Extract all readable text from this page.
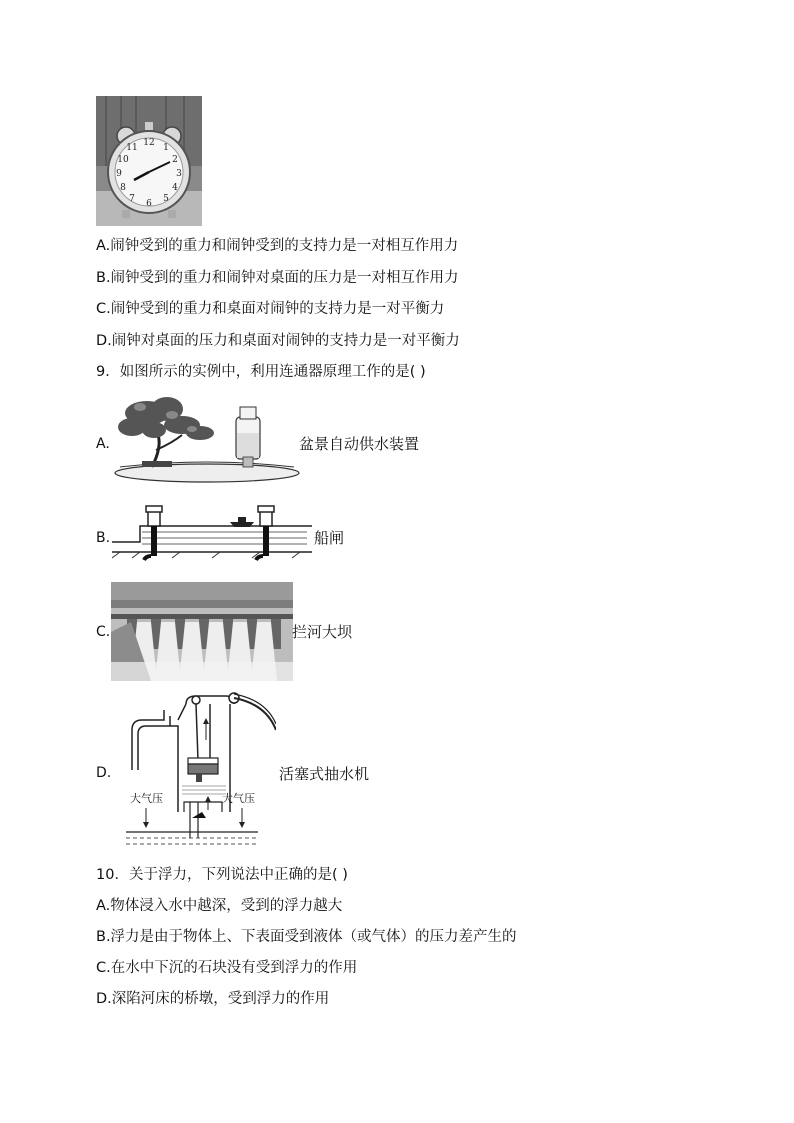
12 1
2
3
4
5
6
7
8
9
10
11
A.闹钟受到的重力和闹钟受到的支持力是一对相互作用力
B.闹钟受到的重力和闹钟对桌面的压力是一对相互作用力
C.闹钟受到的重力和桌面对闹钟的支持力是一对平衡力
D.闹钟对桌面的压力和桌面对闹钟的支持力是一对平衡力
9．如图所示的实例中，利用连通器原理工作的是( )
A.	盆景自动供水装置
B.	船闸
C.	拦河大坝
D.
大气压	大气压
活塞式抽水机
10．关于浮力，下列说法中正确的是( )
A.物体浸入水中越深，受到的浮力越大
B.浮力是由于物体上、下表面受到液体（或气体）的压力差产生的
C.在水中下沉的石块没有受到浮力的作用
D.深陷河床的桥墩，受到浮力的作用
